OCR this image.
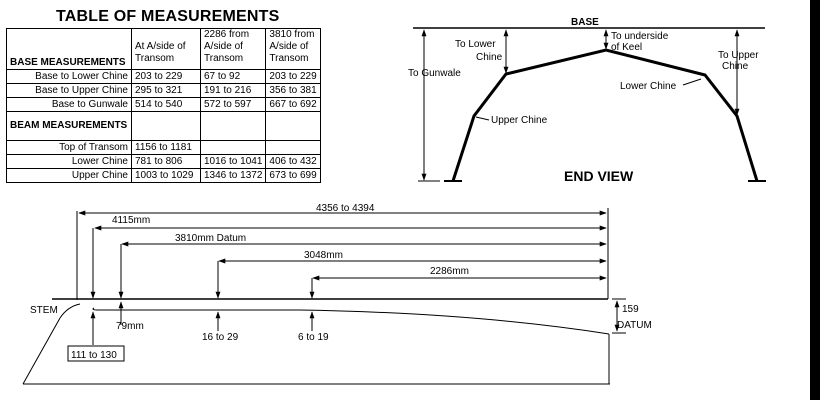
BASE
To Gunwale
To Lower
Chine
To underside
of Keel
To Upper
Chine
Lower Chine
Upper Chine
END VIEW
4356 to 4394
4115mm
3810mm Datum
3048mm
2286mm
STEM
79mm
16 to 29	6 to 19
111 to 130
159
DATUM
TABLE OF MEASUREMENTS
BASE MEASUREMENTS	At A/side of Transom	2286 from A/side of Transom	3810 from A/side of Transom
Base to Lower Chine	203 to 229	67 to 92	203 to 229
Base to Upper Chine	295 to 321	191 to 216	356 to 381
Base to Gunwale	514 to 540	572 to 597	667 to 692
BEAM MEASUREMENTS			
Top of Transom	1156 to 1181		
Lower Chine	781 to 806	1016 to 1041	406 to 432
Upper Chine	1003 to 1029	1346 to 1372	673 to 699
